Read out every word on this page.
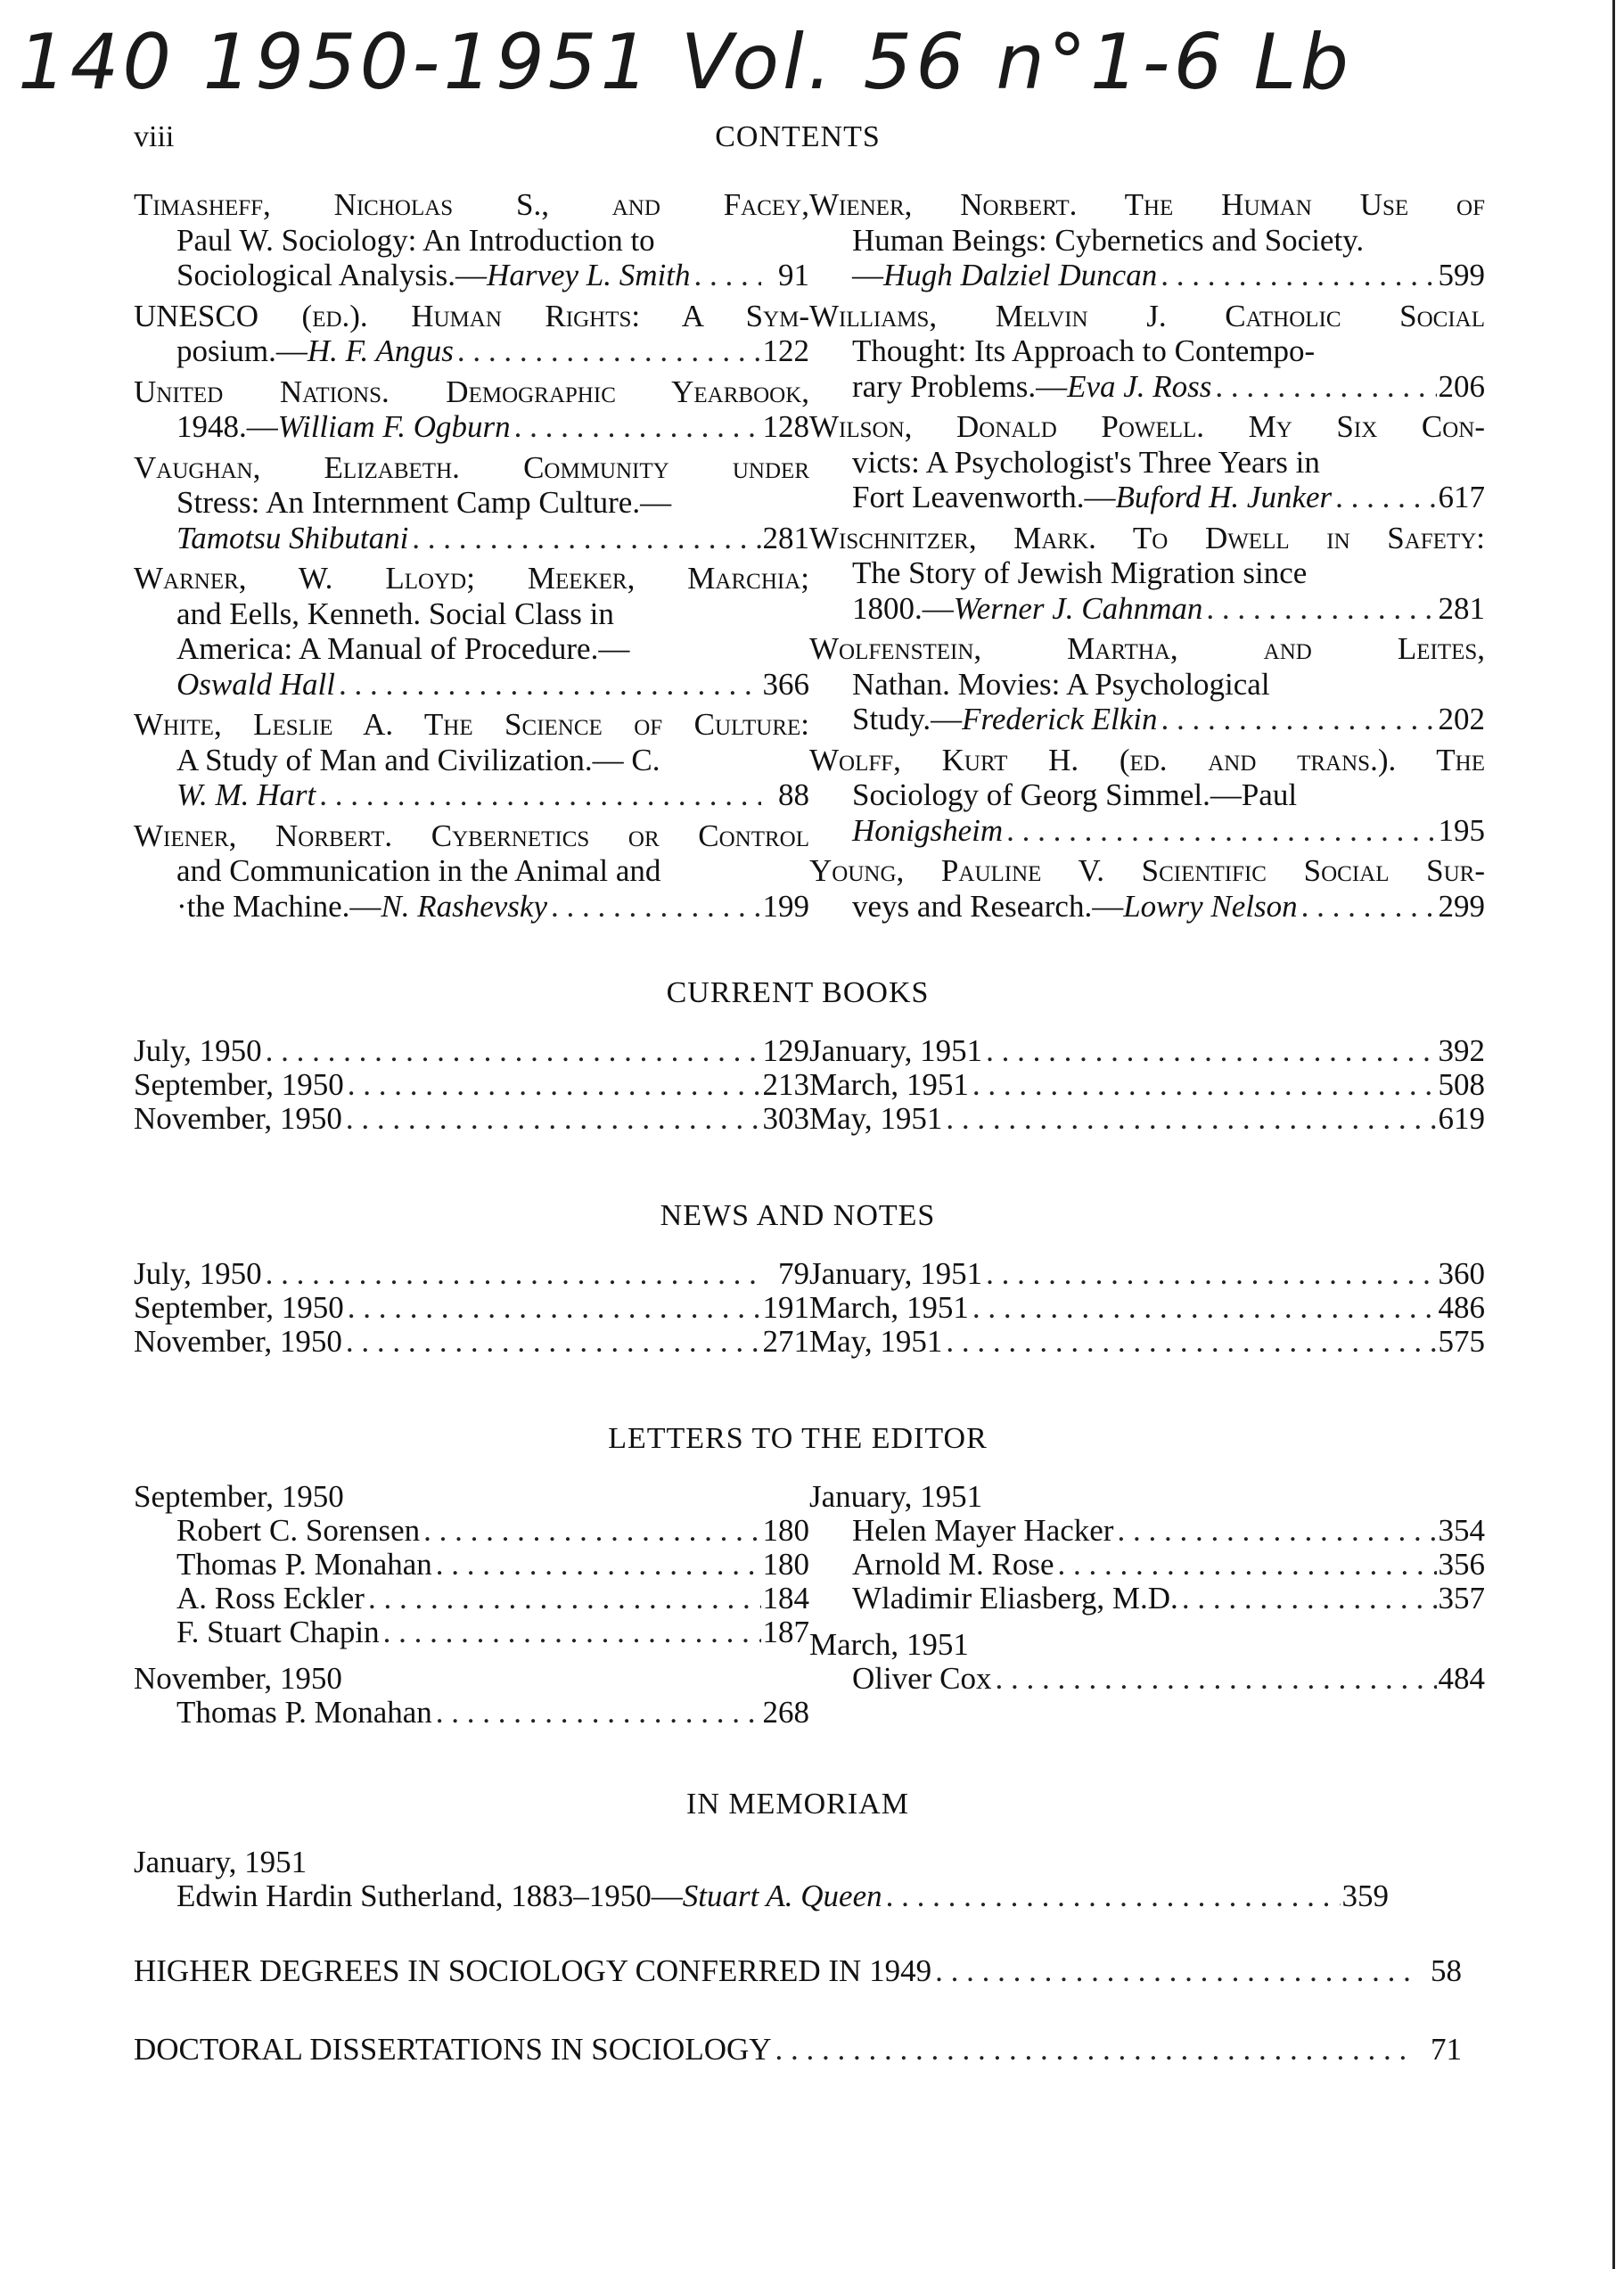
140 1950-1951 Vol. 56 n°1-6 Lb
viii	CONTENTS
Timasheff, Nicholas S., and Facey,
Paul W. Sociology: An Introduction to
Sociological Analysis.—Harvey L. Smith . . .	91
UNESCO (ed.). Human Rights: A Sym-
posium.—H. F. Angus . . .	122
United Nations. Demographic Yearbook,
1948.—William F. Ogburn . . .	128
Vaughan, Elizabeth. Community under
Stress: An Internment Camp Culture.—
Tamotsu Shibutani . . .	281
Warner, W. Lloyd; Meeker, Marchia;
and Eells, Kenneth. Social Class in
America: A Manual of Procedure.—
Oswald Hall . . .	366
White, Leslie A. The Science of Culture:
A Study of Man and Civilization.— C.
W. M. Hart . . .	88
Wiener, Norbert. Cybernetics or Control
and Communication in the Animal and
·the Machine.—N. Rashevsky . . .	199
Wiener, Norbert. The Human Use of
Human Beings: Cybernetics and Society.
—Hugh Dalziel Duncan . . .	599
Williams, Melvin J. Catholic Social
Thought: Its Approach to Contempo-
rary Problems.—Eva J. Ross . . .	206
Wilson, Donald Powell. My Six Con-
victs: A Psychologist's Three Years in
Fort Leavenworth.—Buford H. Junker . . .	617
Wischnitzer, Mark. To Dwell in Safety:
The Story of Jewish Migration since
1800.—Werner J. Cahnman . . .	281
Wolfenstein, Martha, and Leites,
Nathan. Movies: A Psychological
Study.—Frederick Elkin . . .	202
Wolff, Kurt H. (ed. and trans.). The
Sociology of Georg Simmel.—Paul
Honigsheim . . .	195
Young, Pauline V. Scientific Social Sur-
veys and Research.—Lowry Nelson . . .	299
CURRENT BOOKS
July, 1950 . . .	129
September, 1950 . . .	213
November, 1950 . . .	303
January, 1951 . . .	392
March, 1951 . . .	508
May, 1951 . . .	619
NEWS AND NOTES
July, 1950 . . .	79
September, 1950 . . .	191
November, 1950 . . .	271
January, 1951 . . .	360
March, 1951 . . .	486
May, 1951 . . .	575
LETTERS TO THE EDITOR
September, 1950
Robert C. Sorensen . . .	180
Thomas P. Monahan . . .	180
A. Ross Eckler . . .	184
F. Stuart Chapin . . .	187
November, 1950
Thomas P. Monahan . . .	268
January, 1951
Helen Mayer Hacker . . .	354
Arnold M. Rose . . .	356
Wladimir Eliasberg, M.D. . . .	357
March, 1951
Oliver Cox . . .	484
IN MEMORIAM
January, 1951
Edwin Hardin Sutherland, 1883–1950—Stuart A. Queen . . .	359
HIGHER DEGREES IN SOCIOLOGY CONFERRED IN 1949 . . .	58
DOCTORAL DISSERTATIONS IN SOCIOLOGY . . .	71
